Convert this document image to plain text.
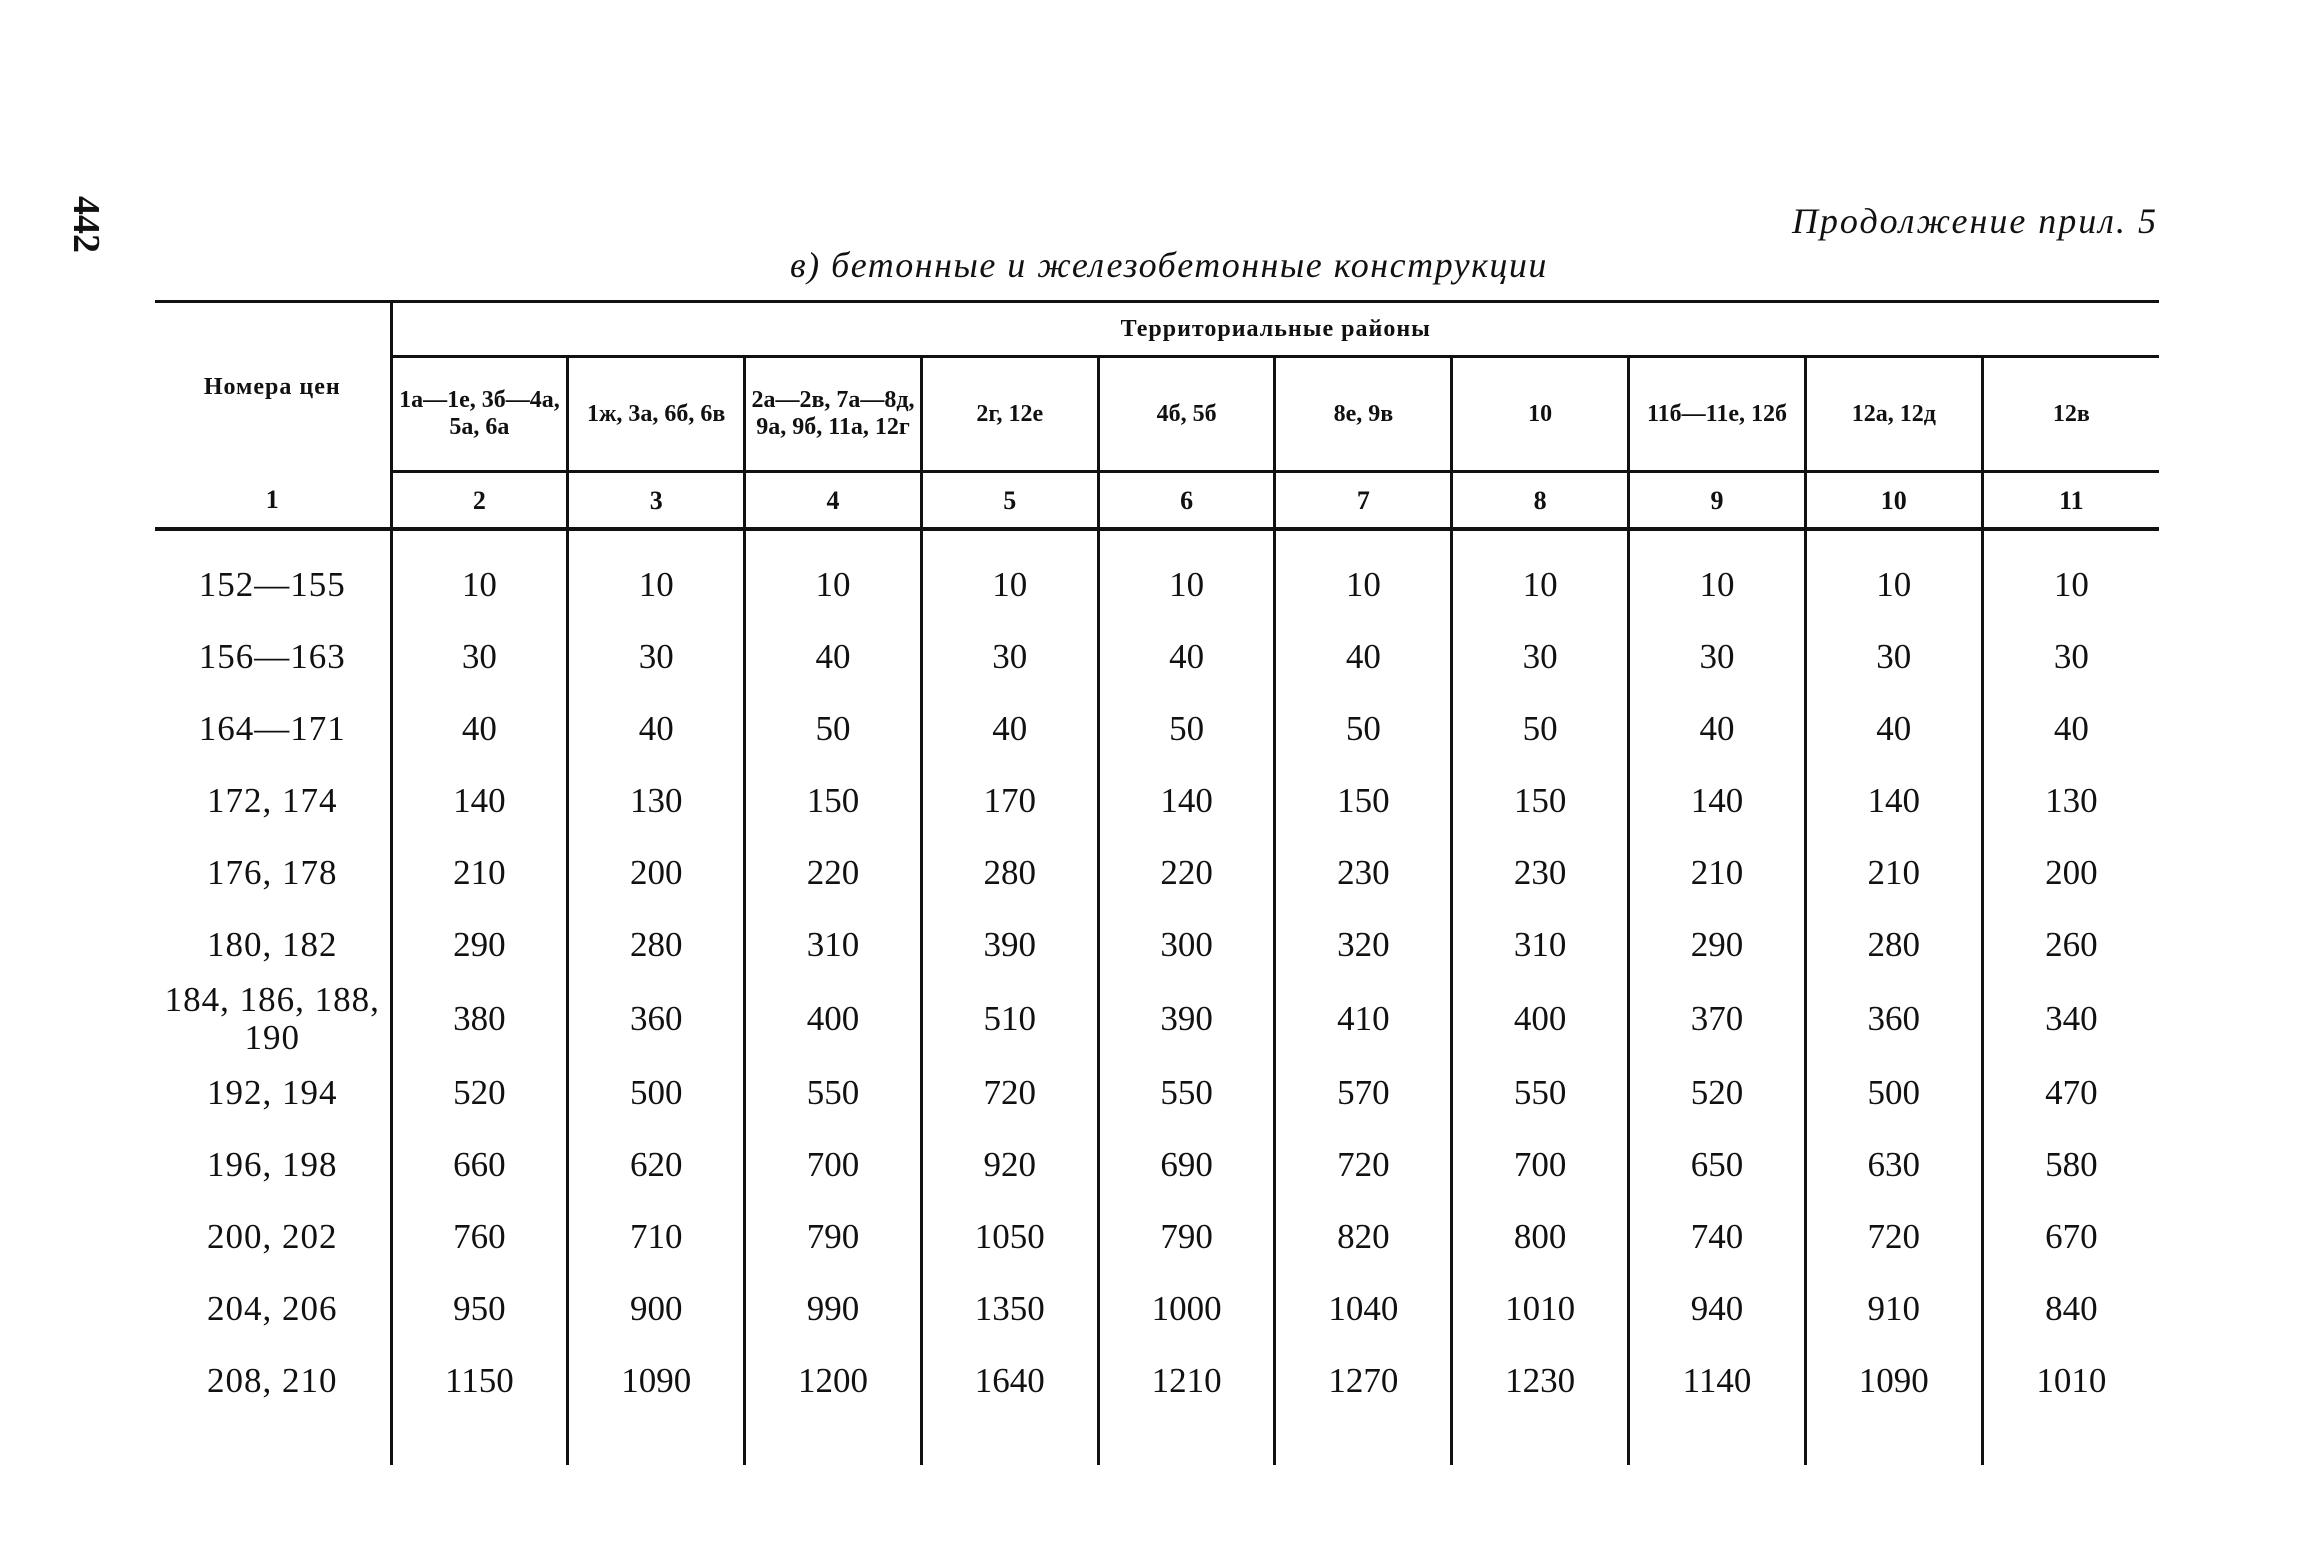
442	Продолжение прил. 5
в) бетонные и железобетонные конструкции
Номера цен	Территориальные районы									
	1а—1е, 3б—4а, 5а, 6а	1ж, 3а, 6б, 6в	2а—2в, 7а—8д, 9а, 9б, 11а, 12г	2г, 12е	4б, 5б	8е, 9в	10	11б—11е, 12б	12а, 12д	12в
1	2	3	4	5	6	7	8	9	10	11

152—155	10	10	10	10	10	10	10	10	10	10
156—163	30	30	40	30	40	40	30	30	30	30
164—171	40	40	50	40	50	50	50	40	40	40
172, 174	140	130	150	170	140	150	150	140	140	130
176, 178	210	200	220	280	220	230	230	210	210	200
180, 182	290	280	310	390	300	320	310	290	280	260
184, 186, 188, 190	380	360	400	510	390	410	400	370	360	340
192, 194	520	500	550	720	550	570	550	520	500	470
196, 198	660	620	700	920	690	720	700	650	630	580
200, 202	760	710	790	1050	790	820	800	740	720	670
204, 206	950	900	990	1350	1000	1040	1010	940	910	840
208, 210	1150	1090	1200	1640	1210	1270	1230	1140	1090	1010
